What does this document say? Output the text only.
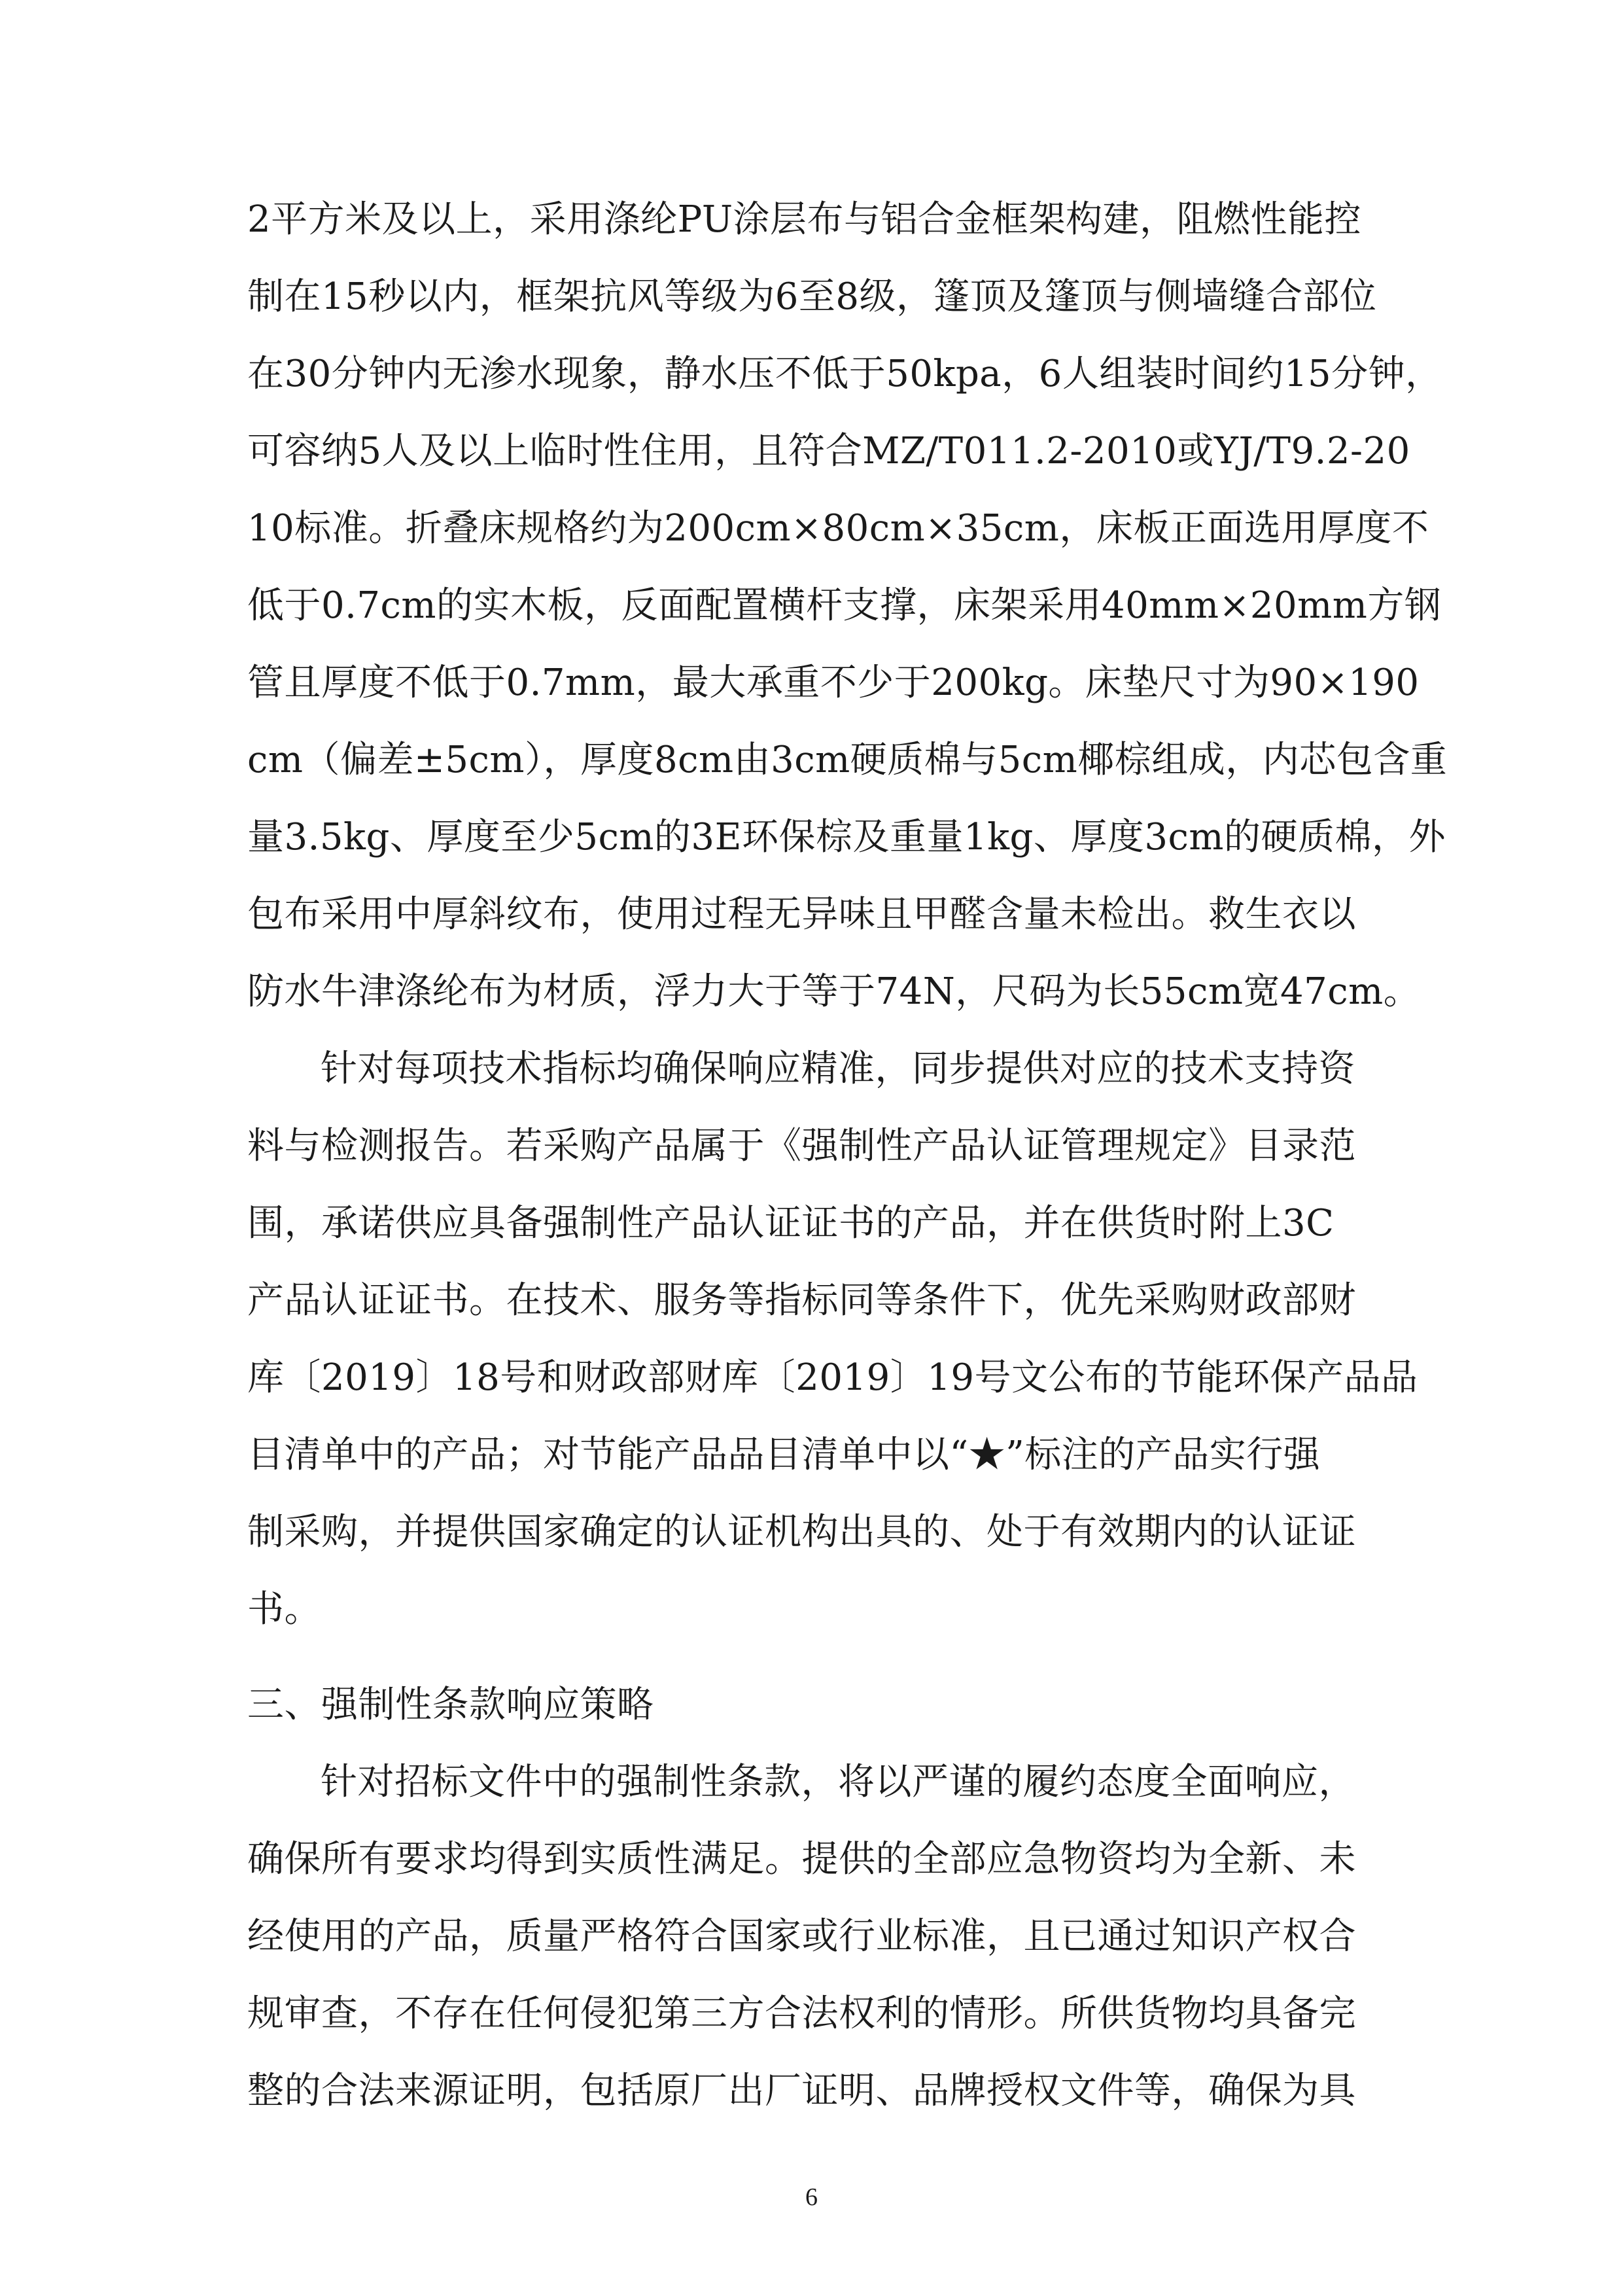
2平方米及以上，采用涤纶PU涂层布与铝合金框架构建，阻燃性能控
制在15秒以内，框架抗风等级为6至8级，篷顶及篷顶与侧墙缝合部位
在30分钟内无渗水现象，静水压不低于50kpa，6人组装时间约15分钟，
可容纳5人及以上临时性住用，且符合MZ/T011.2-2010或YJ/T9.2-20
10标准。折叠床规格约为200cm×80cm×35cm，床板正面选用厚度不
低于0.7cm的实木板，反面配置横杆支撑，床架采用40mm×20mm方钢
管且厚度不低于0.7mm，最大承重不少于200kg。床垫尺寸为90×190
cm（偏差±5cm），厚度8cm由3cm硬质棉与5cm椰棕组成，内芯包含重
量3.5kg、厚度至少5cm的3E环保棕及重量1kg、厚度3cm的硬质棉，外
包布采用中厚斜纹布，使用过程无异味且甲醛含量未检出。救生衣以
防水牛津涤纶布为材质，浮力大于等于74N，尺码为长55cm宽47cm。
针对每项技术指标均确保响应精准，同步提供对应的技术支持资
料与检测报告。若采购产品属于《强制性产品认证管理规定》目录范
围，承诺供应具备强制性产品认证证书的产品，并在供货时附上3C
产品认证证书。在技术、服务等指标同等条件下，优先采购财政部财
库〔2019〕18号和财政部财库〔2019〕19号文公布的节能环保产品品
目清单中的产品；对节能产品品目清单中以“★”标注的产品实行强
制采购，并提供国家确定的认证机构出具的、处于有效期内的认证证
书。
三、强制性条款响应策略
针对招标文件中的强制性条款，将以严谨的履约态度全面响应，
确保所有要求均得到实质性满足。提供的全部应急物资均为全新、未
经使用的产品，质量严格符合国家或行业标准，且已通过知识产权合
规审查，不存在任何侵犯第三方合法权利的情形。所供货物均具备完
整的合法来源证明，包括原厂出厂证明、品牌授权文件等，确保为具
6
